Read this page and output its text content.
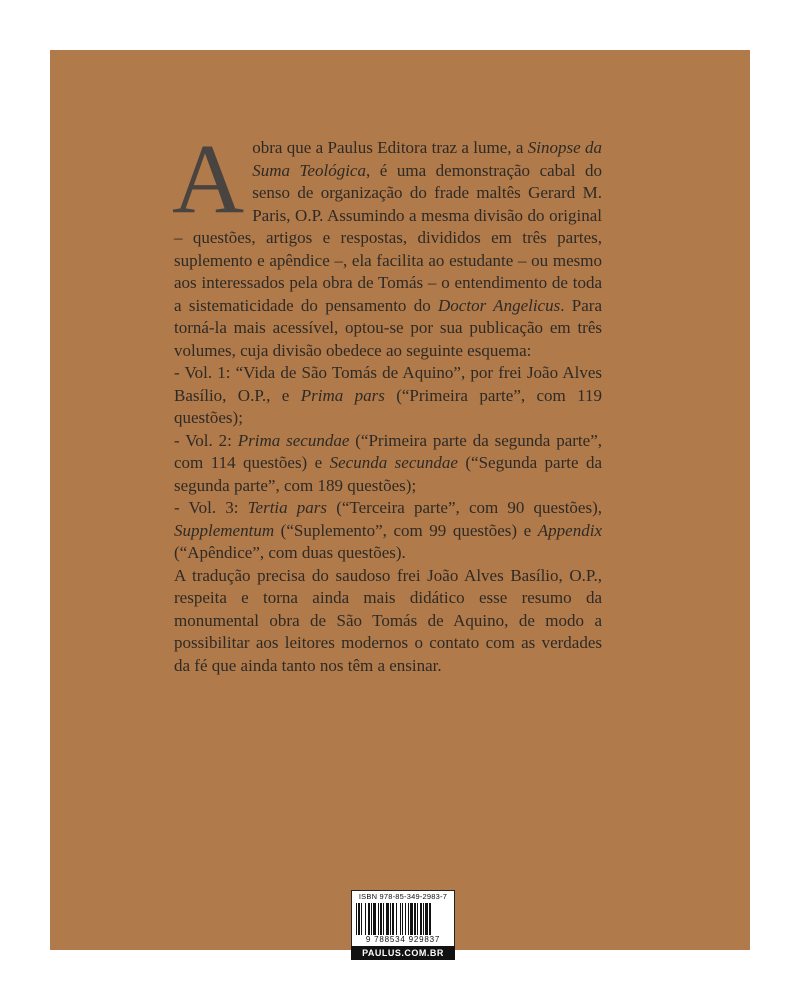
A obra que a Paulus Editora traz a lume, a Sinopse da Suma Teológica, é uma demonstração cabal do senso de organização do frade maltês Gerard M. Paris, O.P. Assumindo a mesma divisão do original – questões, artigos e respostas, divididos em três partes, suplemento e apêndice –, ela facilita ao estudante – ou mesmo aos interessados pela obra de Tomás – o entendimento de toda a sistematicidade do pensamento do Doctor Angelicus. Para torná-la mais acessível, optou-se por sua publicação em três volumes, cuja divisão obedece ao seguinte esquema:

- Vol. 1: “Vida de São Tomás de Aquino”, por frei João Alves Basílio, O.P., e Prima pars (“Primeira parte”, com 119 questões);

- Vol. 2: Prima secundae (“Primeira parte da segunda parte”, com 114 questões) e Secunda secundae (“Segunda parte da segunda parte”, com 189 questões);

- Vol. 3: Tertia pars (“Terceira parte”, com 90 questões), Supplementum (“Suplemento”, com 99 questões) e Appendix (“Apêndice”, com duas questões).

A tradução precisa do saudoso frei João Alves Basílio, O.P., respeita e torna ainda mais didático esse resumo da monumental obra de São Tomás de Aquino, de modo a possibilitar aos leitores modernos o contato com as verdades da fé que ainda tanto nos têm a ensinar.

ISBN 978-85-349-2983-7
9 788534 929837
PAULUS.COM.BR
